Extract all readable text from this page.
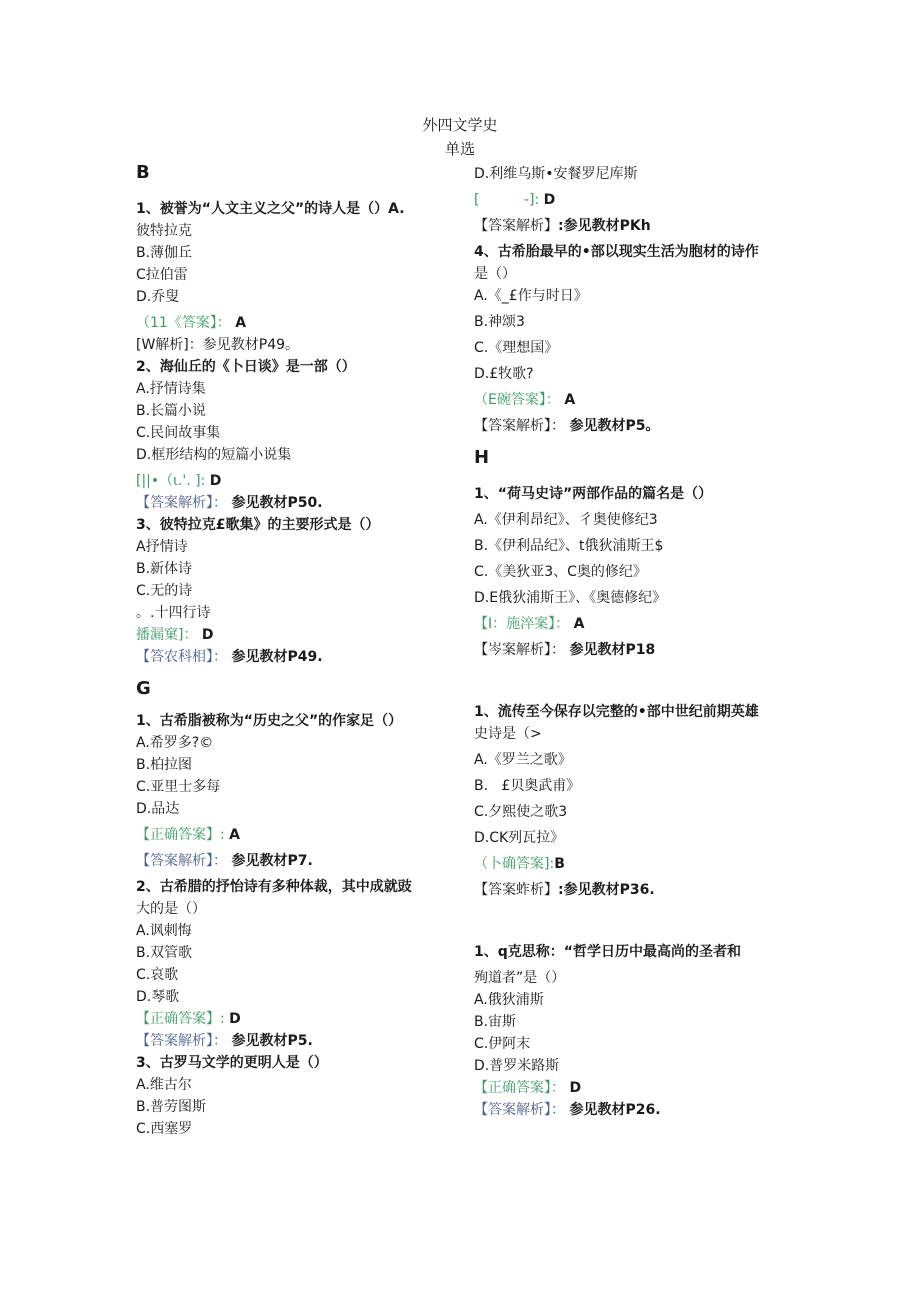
外四文学史
单选
B
1、被誉为“人文主义之父”的诗人是（）A.
彼特拉克
B.薄伽丘
C拉伯雷
D.乔叟
（11《答案】： A
[W解析]：参见教材P49。
2、海仙丘的《卜日谈》是一部（）
A.抒情诗集
B.长篇小说
C.民间故事集
D.框形结构的短篇小说集
[||•（ι.'. ]: D
【答案解析】： 参见教材P50.
3、彼特拉克£歌集》的主要形式是（）
A抒情诗
B.新体诗
C.无的诗
。.十四行诗
播漏窠]： D
【答农科相】： 参见教材P49.
G
1、古希脂被称为“历史之父”的作家足（）
A.希罗多?©
B.柏拉图
C.亚里士多每
D.品达
【正确答案】: A
【答案解析】： 参见教材P7.
2、古希腊的抒怡诗有多种体裁，其中成就豉
大的是（）
A.讽刺悔
B.双管歌
C.哀歌
D.琴歌
【正确答案】: D
【答案解析】： 参见教材P5.
3、古罗马文学的更明人是（）
A.维古尔
B.普劳图斯
C.西塞罗
D.利维乌斯•安餐罗尼库斯
[          -]: D
【答案解析】:参见教材PKh
4、古希胎最早的•部以现实生活为胞材的诗作
是（）
A.《_£作与时日》
B.神颂3
C.《理想国》
D.£牧歌?
（E碗答案】： A
【答案解析】： 参见教材P5。
H
1、“荷马史诗”两部作品的篇名是（）
A.《伊利昂纪》、彳奥使修纪3
B.《伊利品纪》、t俄狄浦斯王$
C.《美狄亚3、C奥的修纪》
D.E俄狄浦斯王》、《奥德修纪》
【I：施淬案】： A
【岑案解析】： 参见教材P18
1、流传至今保存以完整的•部中世纪前期英雄
史诗是（>
A.《罗兰之歌》
B.   £贝奥武甫》
C.夕熙使之歌3
D.CK列瓦拉》
（卜确答案]:B
【答案蚱析】:参见教材P36.
1、q克思称：“哲学日历中最高尚的圣者和
殉道者”是（）
A.俄狄浦斯
B.宙斯
C.伊阿末
D.普罗米路斯
【正确答案】： D
【答案解析】： 参见教材P26.
